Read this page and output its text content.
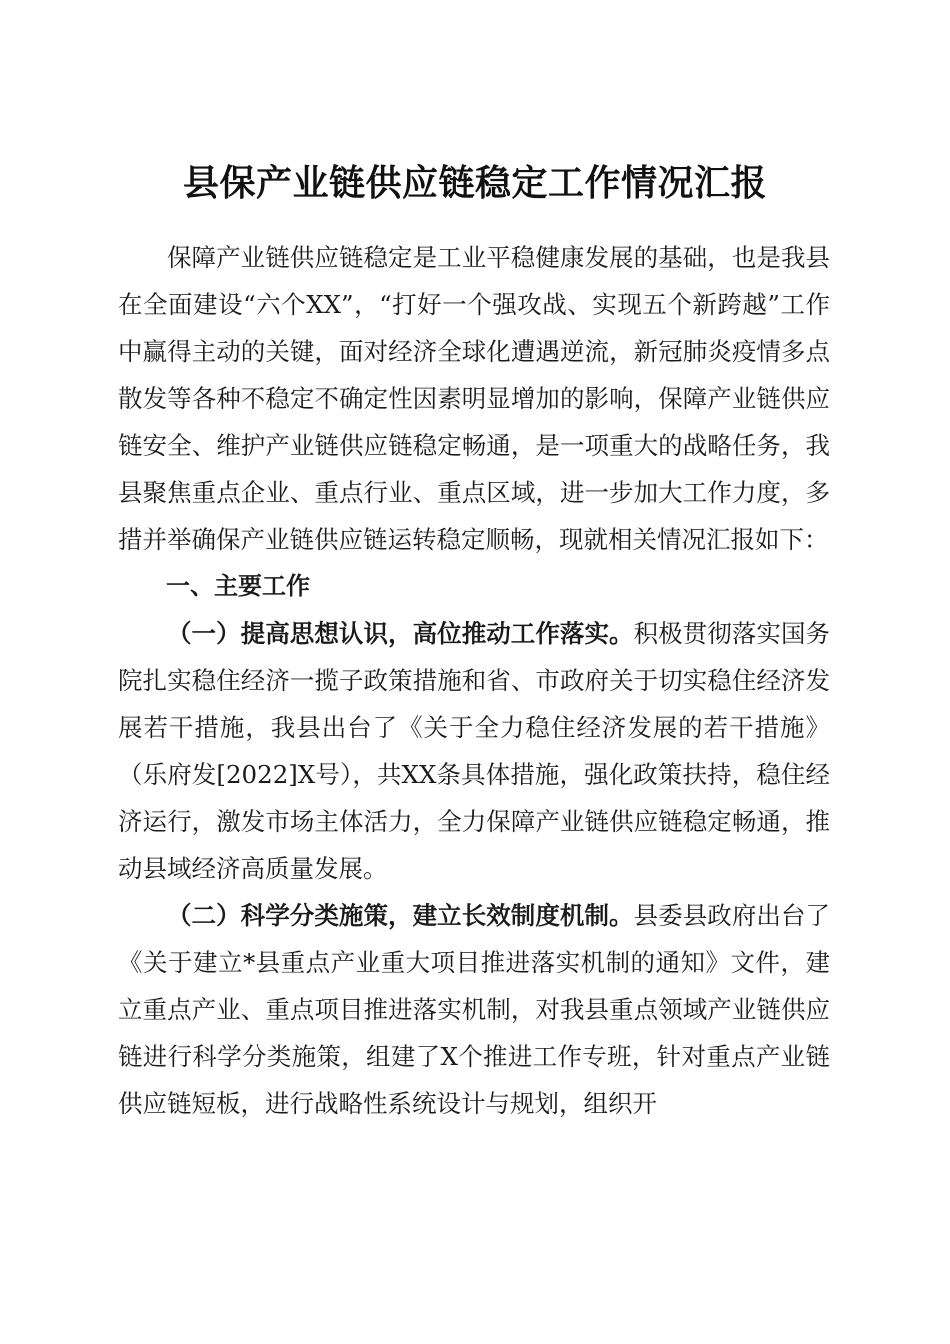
县保产业链供应链稳定工作情况汇报

保障产业链供应链稳定是工业平稳健康发展的基础，也是我县在全面建设“六个XX”，“打好一个强攻战、实现五个新跨越”工作中赢得主动的关键，面对经济全球化遭遇逆流，新冠肺炎疫情多点散发等各种不稳定不确定性因素明显增加的影响，保障产业链供应链安全、维护产业链供应链稳定畅通，是一项重大的战略任务，我县聚焦重点企业、重点行业、重点区域，进一步加大工作力度，多措并举确保产业链供应链运转稳定顺畅，现就相关情况汇报如下：

一、主要工作

（一）提高思想认识，高位推动工作落实。积极贯彻落实国务院扎实稳住经济一揽子政策措施和省、市政府关于切实稳住经济发展若干措施，我县出台了《关于全力稳住经济发展的若干措施》（乐府发[2022]X号），共XX条具体措施，强化政策扶持，稳住经济运行，激发市场主体活力，全力保障产业链供应链稳定畅通，推动县域经济高质量发展。

（二）科学分类施策，建立长效制度机制。县委县政府出台了《关于建立*县重点产业重大项目推进落实机制的通知》文件，建立重点产业、重点项目推进落实机制，对我县重点领域产业链供应链进行科学分类施策，组建了X个推进工作专班，针对重点产业链供应链短板，进行战略性系统设计与规划，组织开
